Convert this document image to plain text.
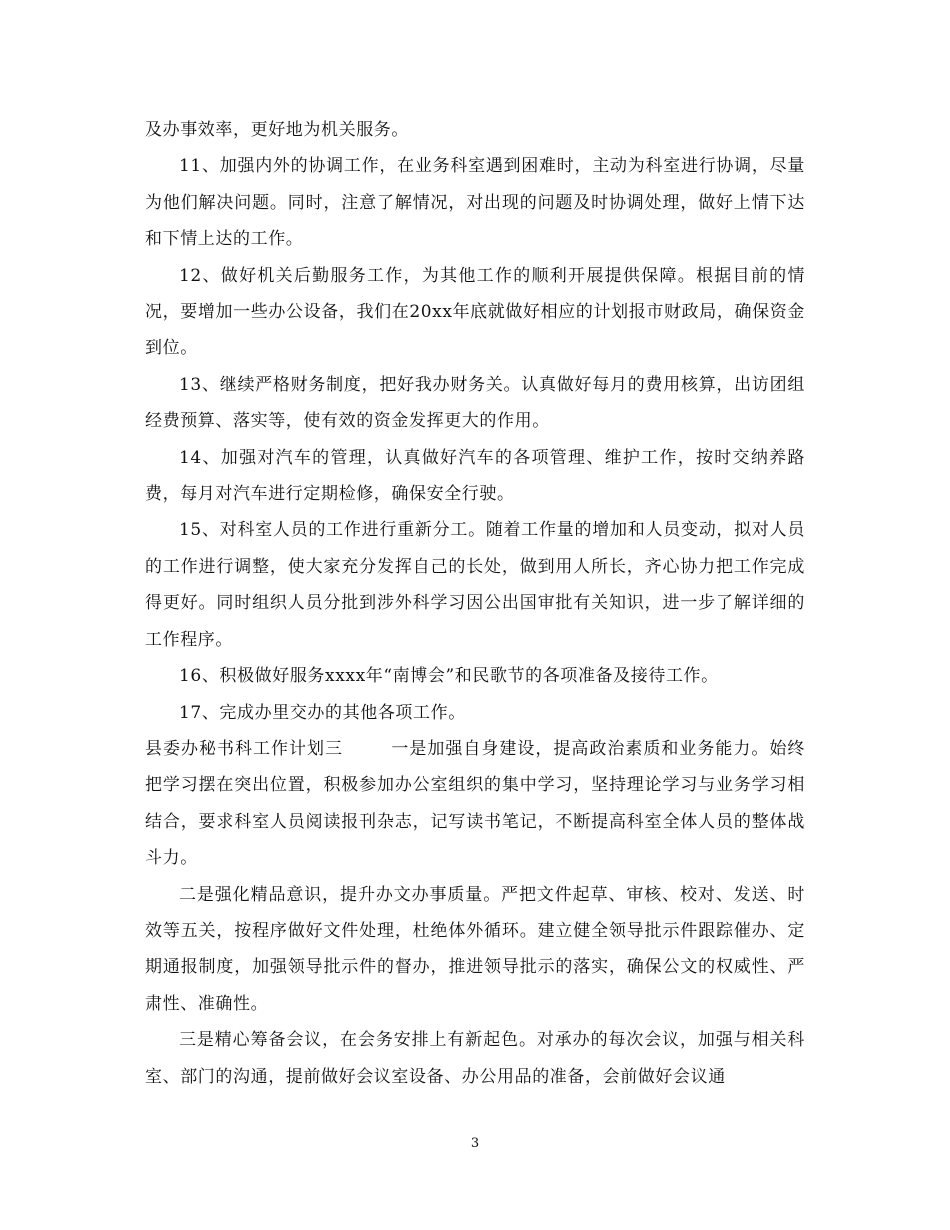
及办事效率，更好地为机关服务。

11、加强内外的协调工作，在业务科室遇到困难时，主动为科室进行协调，尽量为他们解决问题。同时，注意了解情况，对出现的问题及时协调处理，做好上情下达和下情上达的工作。

12、做好机关后勤服务工作，为其他工作的顺利开展提供保障。根据目前的情况，要增加一些办公设备，我们在20xx年底就做好相应的计划报市财政局，确保资金到位。

13、继续严格财务制度，把好我办财务关。认真做好每月的费用核算，出访团组经费预算、落实等，使有效的资金发挥更大的作用。

14、加强对汽车的管理，认真做好汽车的各项管理、维护工作，按时交纳养路费，每月对汽车进行定期检修，确保安全行驶。

15、对科室人员的工作进行重新分工。随着工作量的增加和人员变动，拟对人员的工作进行调整，使大家充分发挥自己的长处，做到用人所长，齐心协力把工作完成得更好。同时组织人员分批到涉外科学习因公出国审批有关知识，进一步了解详细的工作程序。

16、积极做好服务xxxx年“南博会”和民歌节的各项准备及接待工作。

17、完成办里交办的其他各项工作。

县委办秘书科工作计划三	一是加强自身建设，提高政治素质和业务能力。始终把学习摆在突出位置，积极参加办公室组织的集中学习，坚持理论学习与业务学习相结合，要求科室人员阅读报刊杂志，记写读书笔记，不断提高科室全体人员的整体战斗力。

二是强化精品意识，提升办文办事质量。严把文件起草、审核、校对、发送、时效等五关，按程序做好文件处理，杜绝体外循环。建立健全领导批示件跟踪催办、定期通报制度，加强领导批示件的督办，推进领导批示的落实，确保公文的权威性、严肃性、准确性。

三是精心筹备会议，在会务安排上有新起色。对承办的每次会议，加强与相关科室、部门的沟通，提前做好会议室设备、办公用品的准备，会前做好会议通

3
